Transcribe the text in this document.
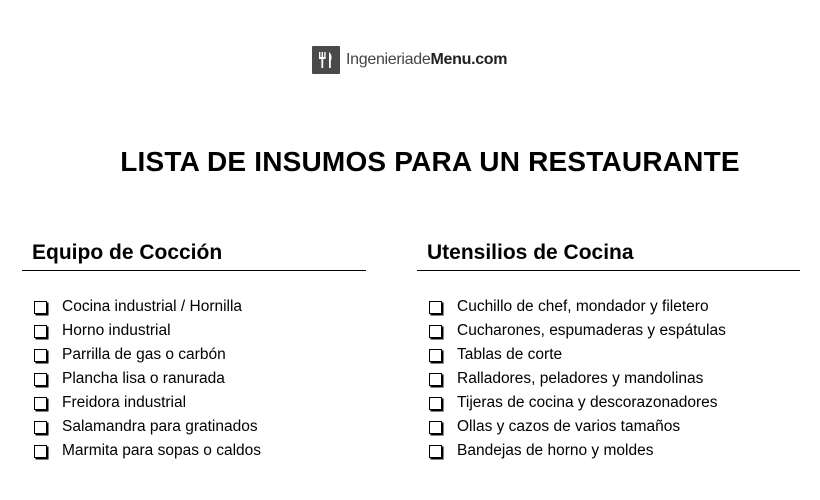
IngenieriadeMenu.com
LISTA DE INSUMOS PARA UN RESTAURANTE
Equipo de Cocción
Cocina industrial / Hornilla
Horno industrial
Parrilla de gas o carbón
Plancha lisa o ranurada
Freidora industrial
Salamandra para gratinados
Marmita para sopas o caldos
Utensilios de Cocina
Cuchillo de chef, mondador y filetero
Cucharones, espumaderas y espátulas
Tablas de corte
Ralladores, peladores y mandolinas
Tijeras de cocina y descorazonadores
Ollas y cazos de varios tamaños
Bandejas de horno y moldes
